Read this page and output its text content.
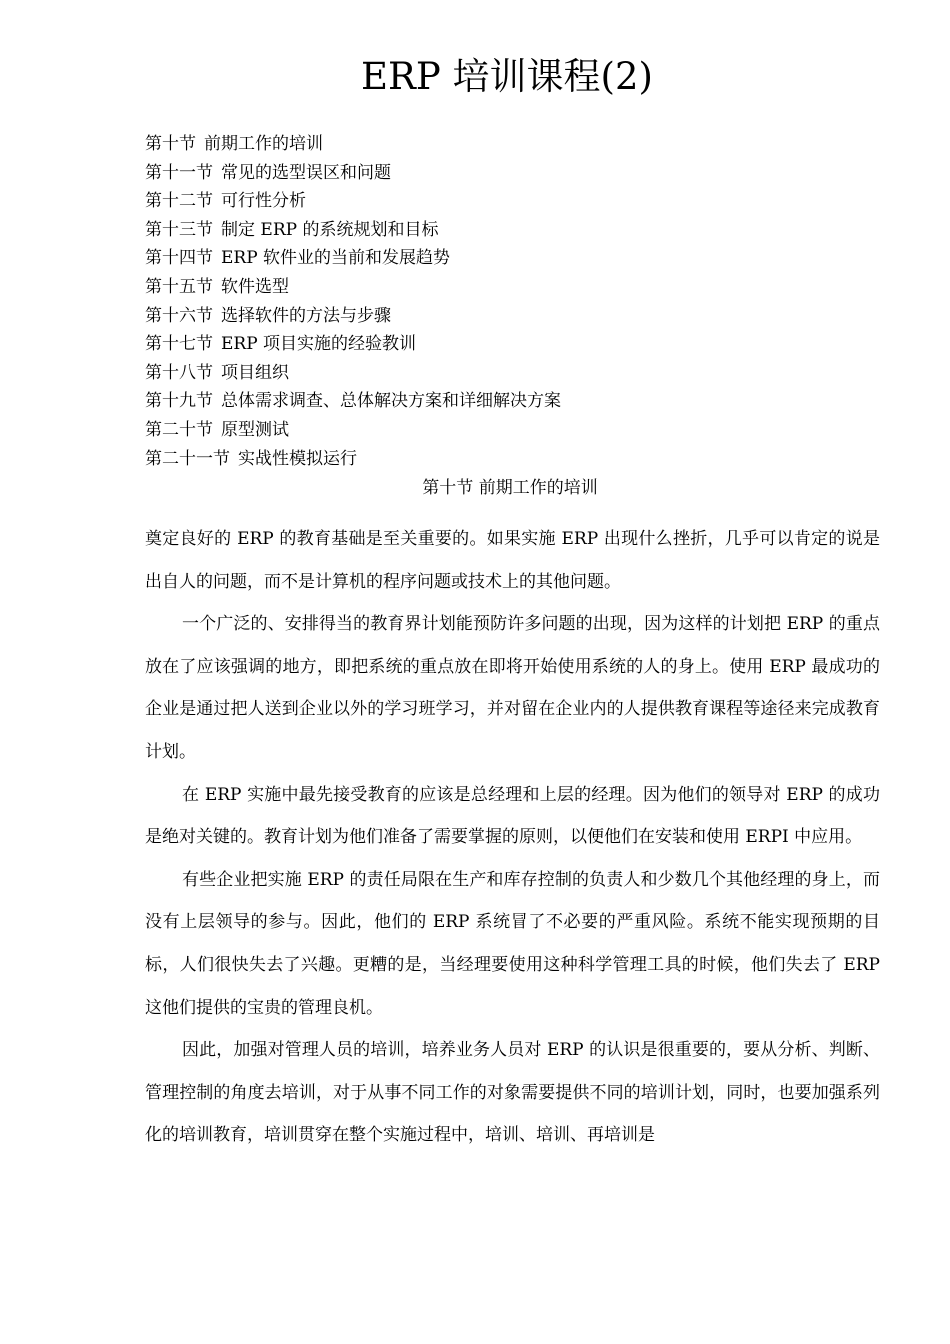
ERP 培训课程(2)
第十节 前期工作的培训
第十一节 常见的选型误区和问题
第十二节 可行性分析
第十三节 制定 ERP 的系统规划和目标
第十四节 ERP 软件业的当前和发展趋势
第十五节 软件选型
第十六节 选择软件的方法与步骤
第十七节 ERP 项目实施的经验教训
第十八节 项目组织
第十九节 总体需求调查、总体解决方案和详细解决方案
第二十节 原型测试
第二十一节 实战性模拟运行
第十节 前期工作的培训

奠定良好的 ERP 的教育基础是至关重要的。如果实施 ERP 出现什么挫折，几乎可以肯定的说是出自人的问题，而不是计算机的程序问题或技术上的其他问题。

一个广泛的、安排得当的教育界计划能预防许多问题的出现，因为这样的计划把 ERP 的重点放在了应该强调的地方，即把系统的重点放在即将开始使用系统的人的身上。使用 ERP 最成功的企业是通过把人送到企业以外的学习班学习，并对留在企业内的人提供教育课程等途径来完成教育计划。

在 ERP 实施中最先接受教育的应该是总经理和上层的经理。因为他们的领导对 ERP 的成功是绝对关键的。教育计划为他们准备了需要掌握的原则，以便他们在安装和使用 ERPI 中应用。

有些企业把实施 ERP 的责任局限在生产和库存控制的负责人和少数几个其他经理的身上，而没有上层领导的参与。因此，他们的 ERP 系统冒了不必要的严重风险。系统不能实现预期的目标，人们很快失去了兴趣。更糟的是，当经理要使用这种科学管理工具的时候，他们失去了 ERP 这他们提供的宝贵的管理良机。

因此，加强对管理人员的培训，培养业务人员对 ERP 的认识是很重要的，要从分析、判断、管理控制的角度去培训，对于从事不同工作的对象需要提供不同的培训计划，同时，也要加强系列化的培训教育，培训贯穿在整个实施过程中，培训、培训、再培训是
